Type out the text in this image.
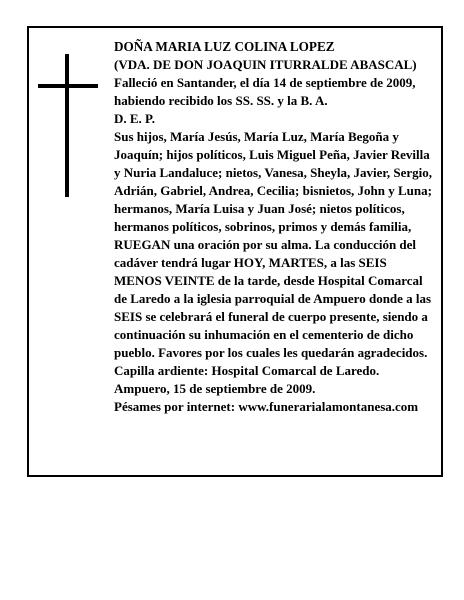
DOÑA MARIA LUZ COLINA LOPEZ

(VDA. DE DON JOAQUIN ITURRALDE ABASCAL)

Falleció en Santander, el día 14 de septiembre de 2009, habiendo recibido los SS. SS. y la B. A.

D. E. P.

Sus hijos, María Jesús, María Luz, María Begoña y Joaquín; hijos políticos, Luis Miguel Peña, Javier Revilla y Nuria Landaluce; nietos, Vanesa, Sheyla, Javier, Sergio, Adrián, Gabriel, Andrea, Cecilia; bisnietos, John y Luna; hermanos, María Luisa y Juan José; nietos políticos, hermanos políticos, sobrinos, primos y demás familia,

RUEGAN una oración por su alma. La conducción del cadáver tendrá lugar HOY, MARTES, a las SEIS MENOS VEINTE de la tarde, desde Hospital Comarcal de Laredo a la iglesia parroquial de Ampuero donde a las SEIS se celebrará el funeral de cuerpo presente, siendo a continuación su inhumación en el cementerio de dicho pueblo. Favores por los cuales les quedarán agradecidos. Capilla ardiente: Hospital Comarcal de Laredo.

Ampuero, 15 de septiembre de 2009.

Pésames por internet: www.funerarialamontanesa.com
